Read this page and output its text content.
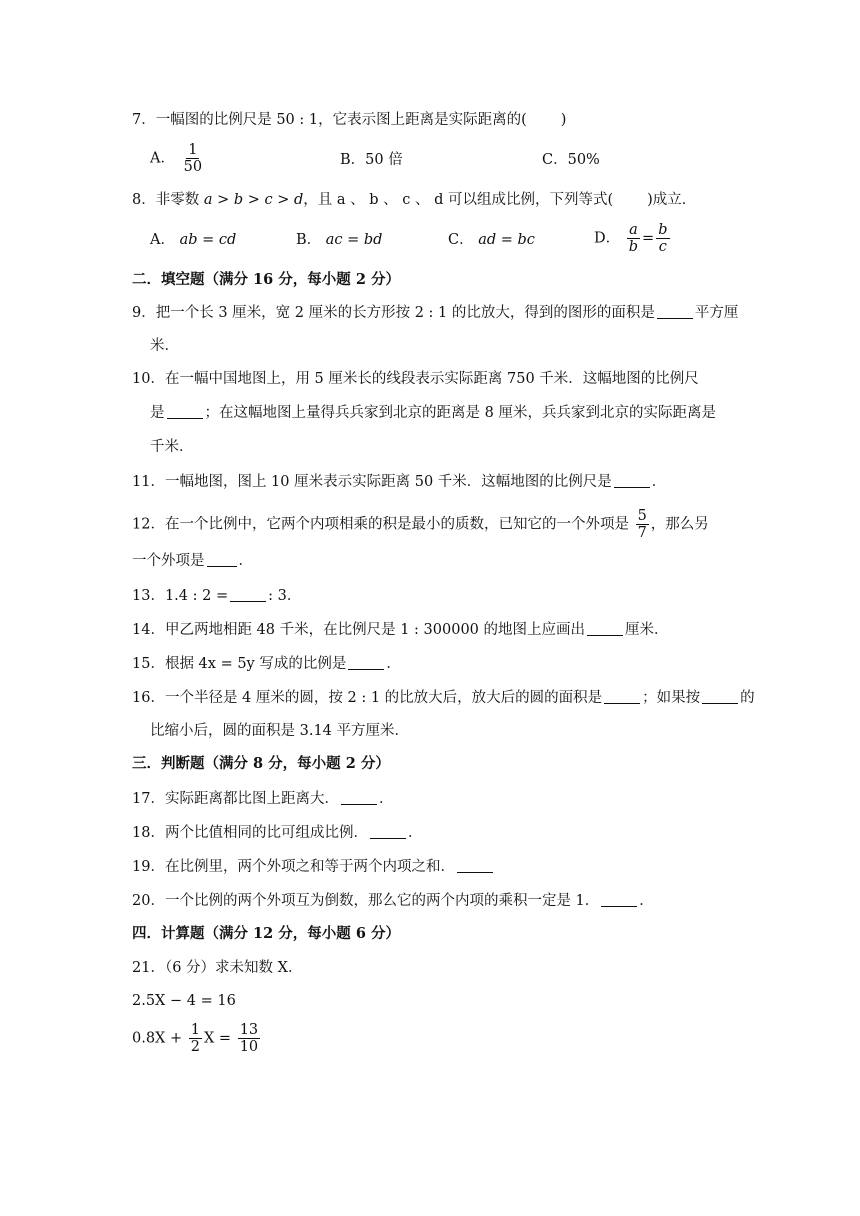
7．一幅图的比例尺是 50 : 1，它表示图上距离是实际距离的( )
A． $\frac{1}{50}$	B．50 倍	C．50%
8．非零数 a > b > c > d，且 a 、 b 、 c 、 d 可以组成比例，下列等式( )成立．
A． ab = cd	B． ac = bd	C． ad = bc	D． $\frac{a}{b} = \frac{b}{c}$
二．填空题（满分 16 分，每小题 2 分）
9．把一个长 3 厘米，宽 2 厘米的长方形按 2 : 1 的比放大，得到的图形的面积是	平方厘
米．
10．在一幅中国地图上，用 5 厘米长的线段表示实际距离 750 千米．这幅地图的比例尺
是	；在这幅地图上量得兵兵家到北京的距离是 8 厘米，兵兵家到北京的实际距离是
千米．
11．一幅地图，图上 10 厘米表示实际距离 50 千米．这幅地图的比例尺是	．
12．在一个比例中，它两个内项相乘的积是最小的质数，已知它的一个外项是 $\frac{5}{7}$ ，那么另
一个外项是 ．
13．1.4 : 2 =	: 3．
14．甲乙两地相距 48 千米，在比例尺是 1 : 300000 的地图上应画出	厘米．
15．根据 4x = 5y 写成的比例是	．
16．一个半径是 4 厘米的圆，按 2 : 1 的比放大后，放大后的圆的面积是	；如果按	的
比缩小后，圆的面积是 3.14 平方厘米．
三．判断题（满分 8 分，每小题 2 分）
17．实际距离都比图上距离大．	．
18．两个比值相同的比可组成比例．	．
19．在比例里，两个外项之和等于两个内项之和．
20．一个比例的两个外项互为倒数，那么它的两个内项的乘积一定是 1．	．
四．计算题（满分 12 分，每小题 6 分）
21．（6 分）求未知数 X．
2.5X − 4 = 16
$0.8X + \frac{1}{2}$ $X = \frac{13}{10}$
